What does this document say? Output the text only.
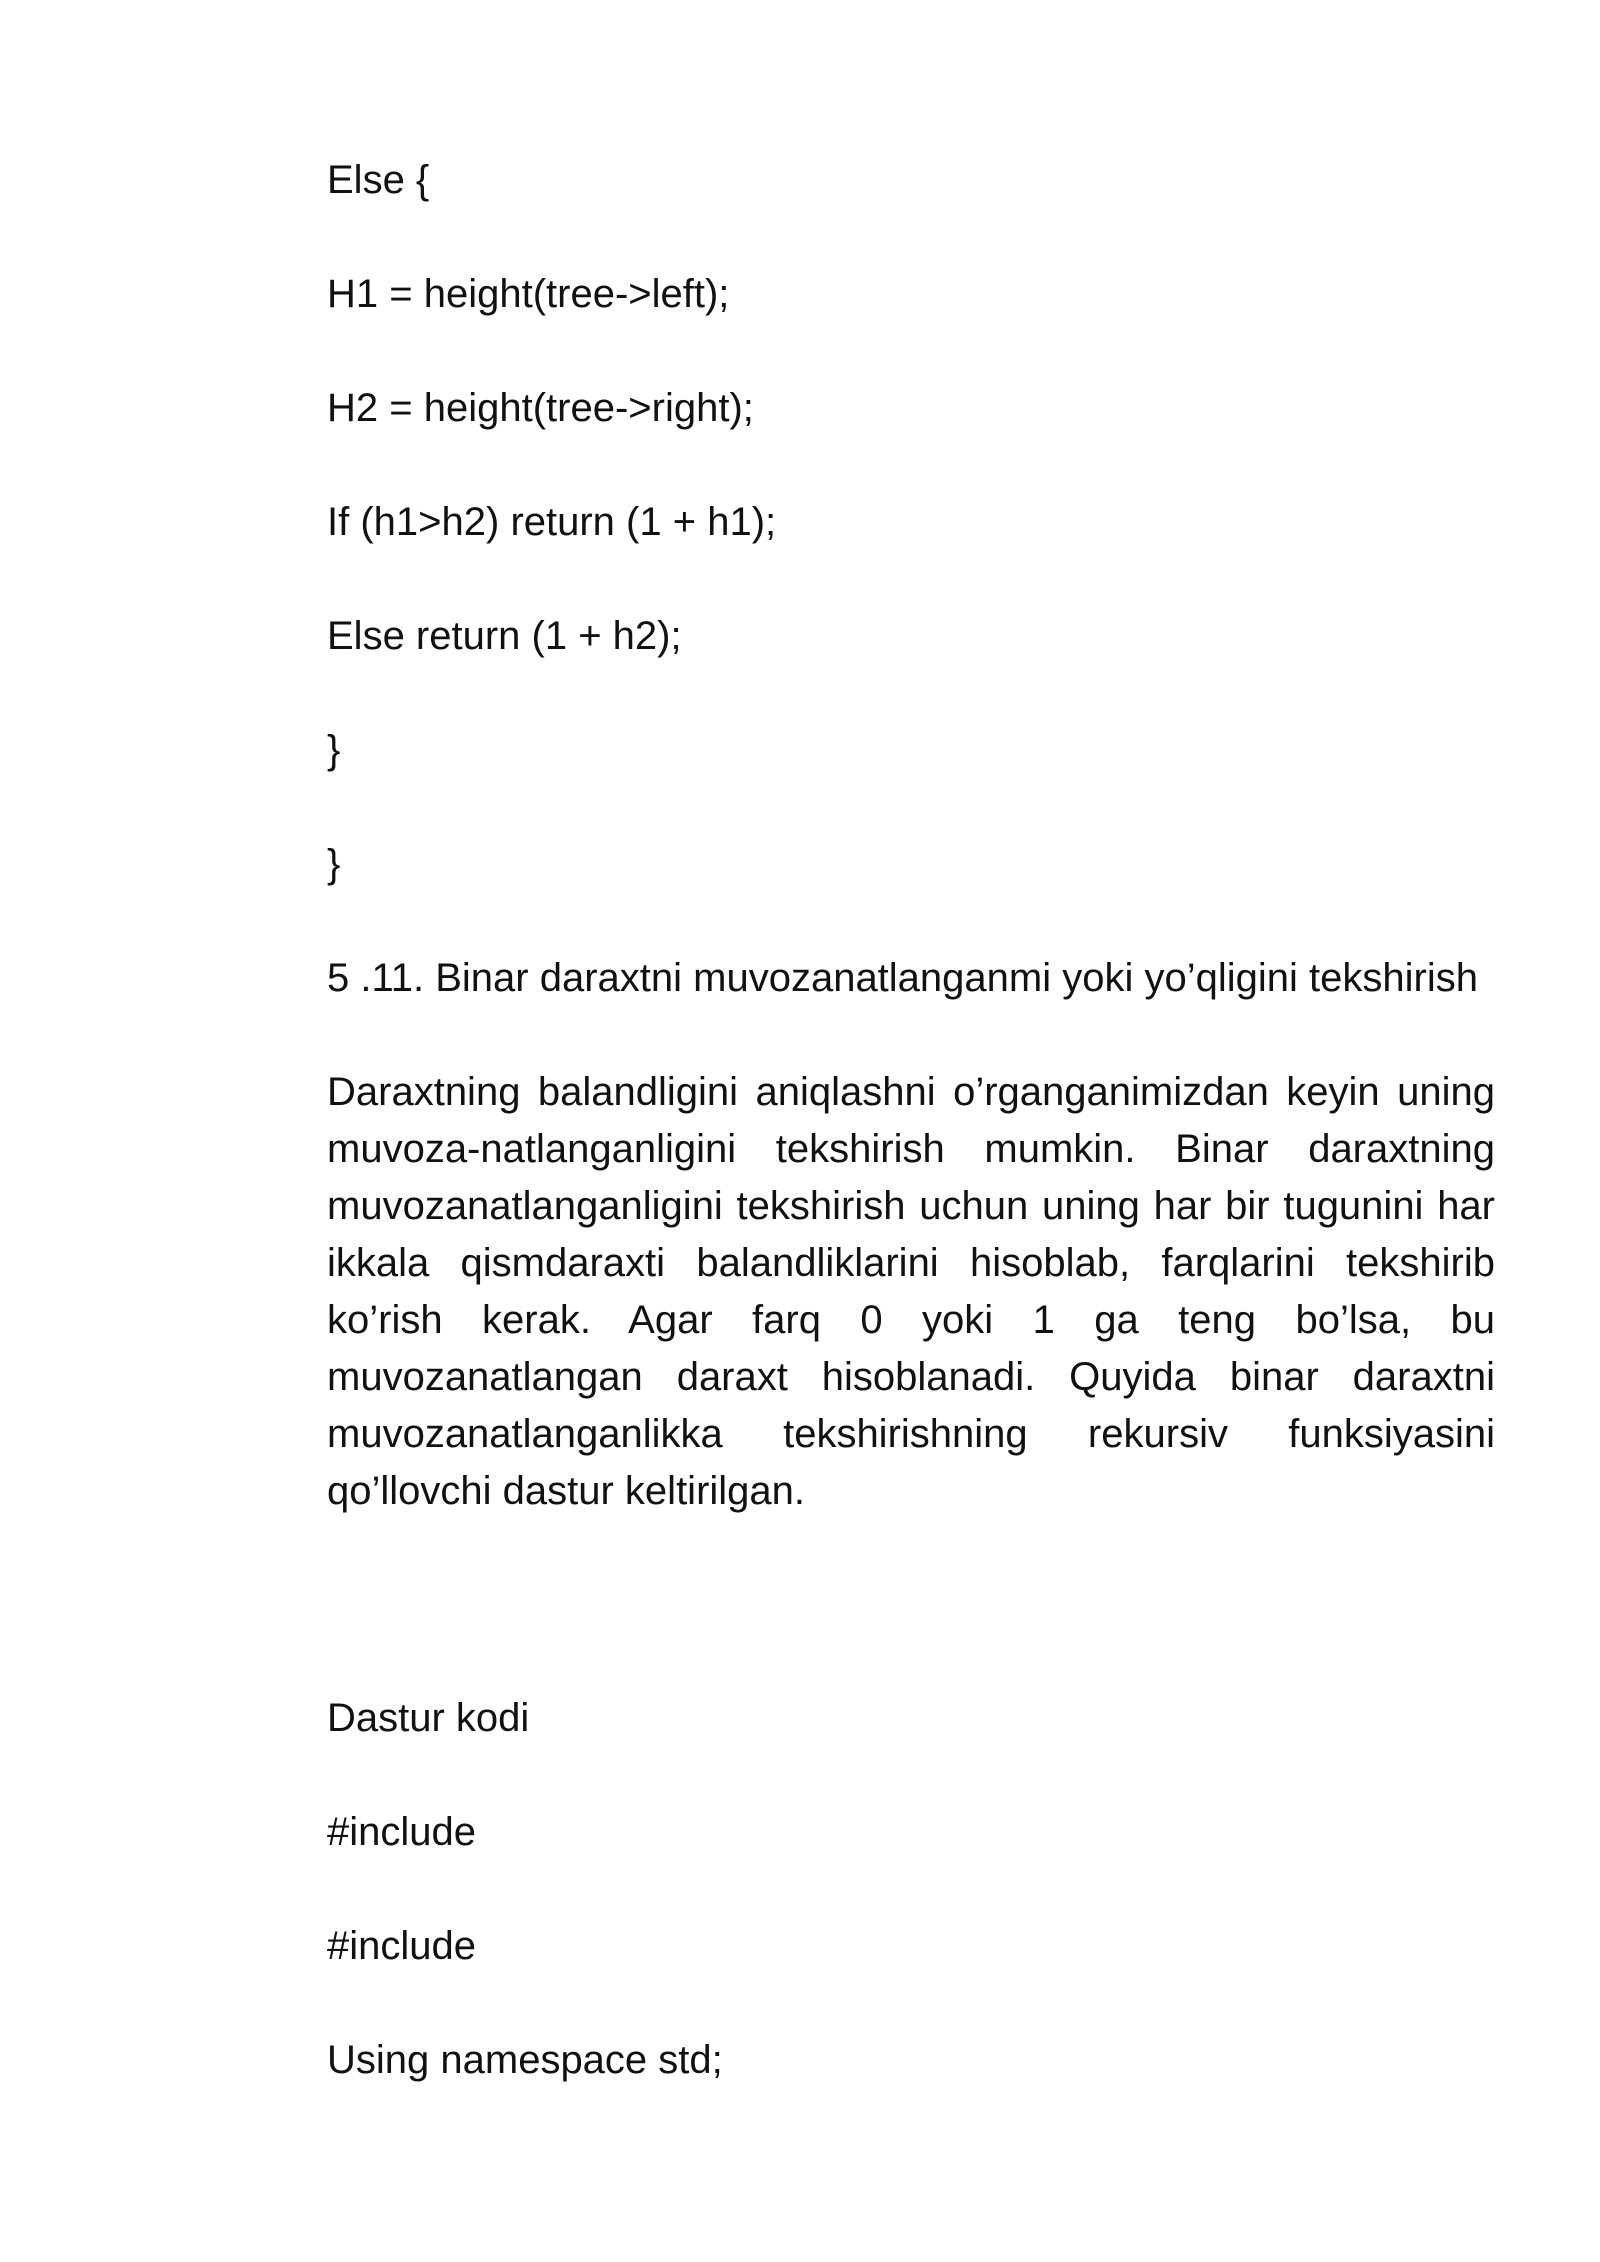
Else {

H1 = height(tree->left);

H2 = height(tree->right);

If (h1>h2) return (1 + h1);

Else return (1 + h2);

}

}

5 .11. Binar daraxtni muvozanatlanganmi yoki yo’qligini tekshirish

Daraxtning balandligini aniqlashni o’rganganimizdan keyin uning
muvoza-natlanganligini tekshirish mumkin. Binar daraxtning
muvozanatlanganligini tekshirish uchun uning har bir tugunini har
ikkala qismdaraxti balandliklarini hisoblab, farqlarini tekshirib
ko’rish kerak. Agar farq 0 yoki 1 ga teng bo’lsa, bu
muvozanatlangan daraxt hisoblanadi. Quyida binar daraxtni
muvozanatlanganlikka tekshirishning rekursiv funksiyasini
qo’llovchi dastur keltirilgan.

Dastur kodi

#include

#include

Using namespace std;
